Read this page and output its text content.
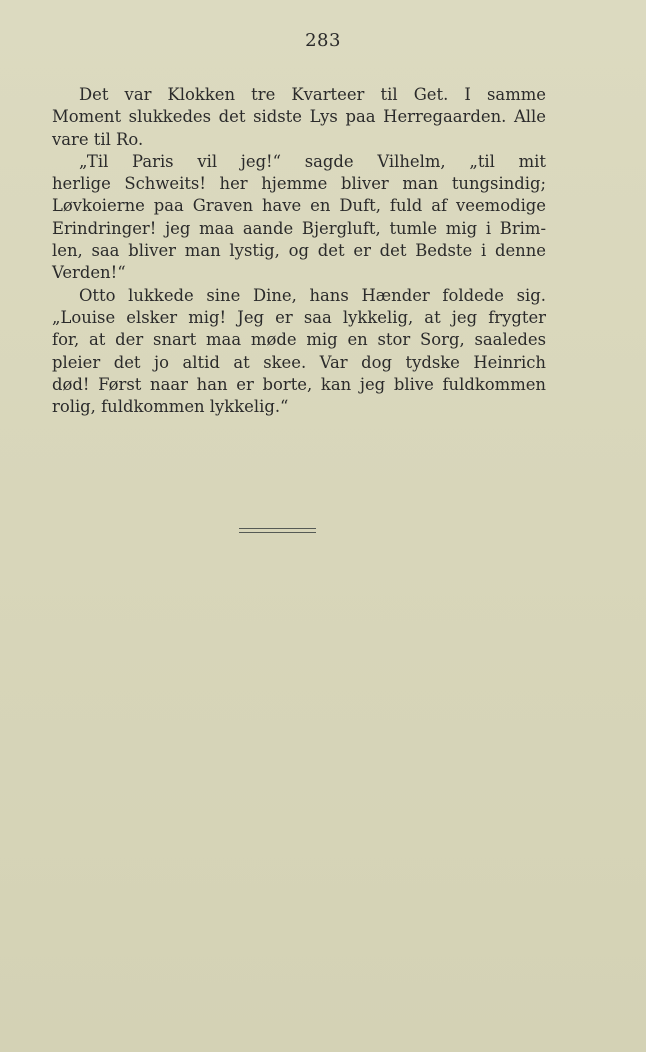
283
Det var Klokken tre Kvarteer til Get. I samme
Moment slukkedes det sidste Lys paa Herregaarden. Alle
vare til Ro.
„Til Paris vil jeg!“ sagde Vilhelm, „til mit
herlige Schweits! her hjemme bliver man tungsindig;
Løvkoierne paa Graven have en Duft, fuld af veemodige
Erindringer! jeg maa aande Bjergluft, tumle mig i Brim-
len, saa bliver man lystig, og det er det Bedste i denne
Verden!“
Otto lukkede sine Dine, hans Hænder foldede sig.
„Louise elsker mig! Jeg er saa lykkelig, at jeg frygter
for, at der snart maa møde mig en stor Sorg, saaledes
pleier det jo altid at skee. Var dog tydske Heinrich
død! Først naar han er borte, kan jeg blive fuldkommen
rolig, fuldkommen lykkelig.“
